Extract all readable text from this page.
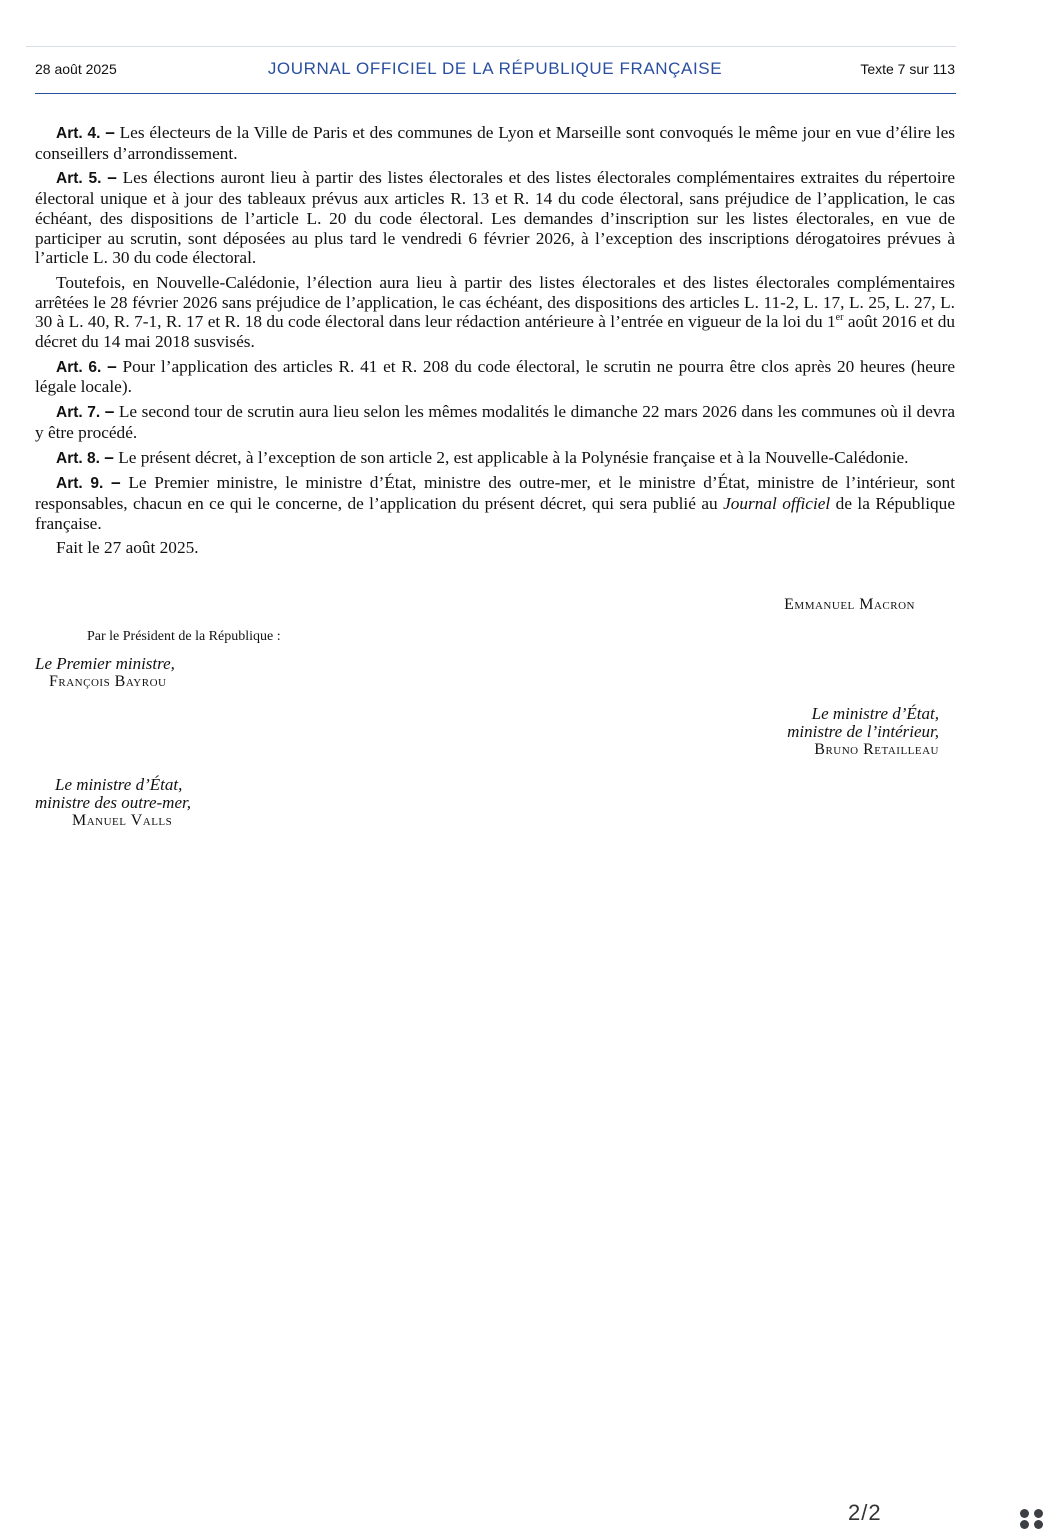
28 août 2025	JOURNAL OFFICIEL DE LA RÉPUBLIQUE FRANÇAISE	Texte 7 sur 113

Art. 4. – Les électeurs de la Ville de Paris et des communes de Lyon et Marseille sont convoqués le même jour en vue d’élire les conseillers d’arrondissement.

Art. 5. – Les élections auront lieu à partir des listes électorales et des listes électorales complémentaires extraites du répertoire électoral unique et à jour des tableaux prévus aux articles R. 13 et R. 14 du code électoral, sans préjudice de l’application, le cas échéant, des dispositions de l’article L. 20 du code électoral. Les demandes d’inscription sur les listes électorales, en vue de participer au scrutin, sont déposées au plus tard le vendredi 6 février 2026, à l’exception des inscriptions dérogatoires prévues à l’article L. 30 du code électoral.

Toutefois, en Nouvelle-Calédonie, l’élection aura lieu à partir des listes électorales et des listes électorales complémentaires arrêtées le 28 février 2026 sans préjudice de l’application, le cas échéant, des dispositions des articles L. 11-2, L. 17, L. 25, L. 27, L. 30 à L. 40, R. 7-1, R. 17 et R. 18 du code électoral dans leur rédaction antérieure à l’entrée en vigueur de la loi du 1er août 2016 et du décret du 14 mai 2018 susvisés.

Art. 6. – Pour l’application des articles R. 41 et R. 208 du code électoral, le scrutin ne pourra être clos après 20 heures (heure légale locale).

Art. 7. – Le second tour de scrutin aura lieu selon les mêmes modalités le dimanche 22 mars 2026 dans les communes où il devra y être procédé.

Art. 8. – Le présent décret, à l’exception de son article 2, est applicable à la Polynésie française et à la Nouvelle-Calédonie.

Art. 9. – Le Premier ministre, le ministre d’État, ministre des outre-mer, et le ministre d’État, ministre de l’intérieur, sont responsables, chacun en ce qui le concerne, de l’application du présent décret, qui sera publié au Journal officiel de la République française.

Fait le 27 août 2025.
Emmanuel Macron
Par le Président de la République :
Le Premier ministre,
François Bayrou
Le ministre d’État,
ministre de l’intérieur,
Bruno Retailleau
Le ministre d’État,
ministre des outre-mer,
Manuel Valls
2/2
